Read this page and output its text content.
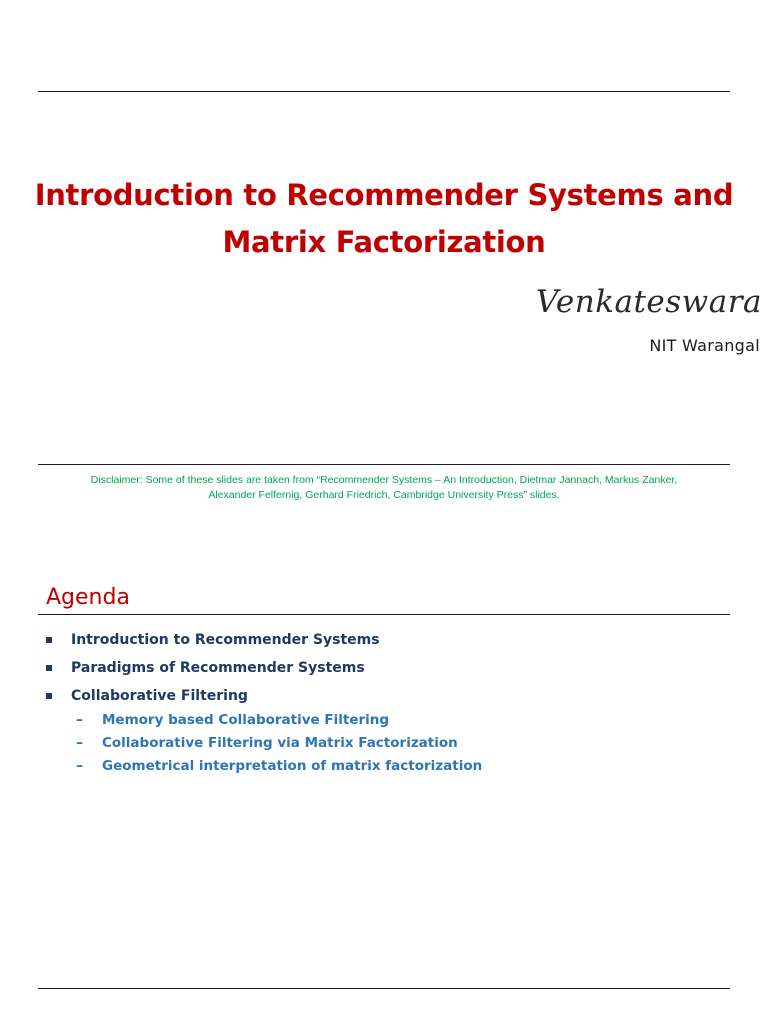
Introduction to Recommender Systems and
Matrix Factorization
Venkateswara
NIT Warangal
Disclaimer: Some of these slides are taken from “Recommender Systems – An Introduction, Dietmar Jannach, Markus Zanker,
Alexander Felfernig, Gerhard Friedrich, Cambridge University Press” slides.
Agenda
Introduction to Recommender Systems
Paradigms of Recommender Systems
Collaborative Filtering
–	Memory based Collaborative Filtering
–	Collaborative Filtering via Matrix Factorization
–	Geometrical interpretation of matrix factorization
